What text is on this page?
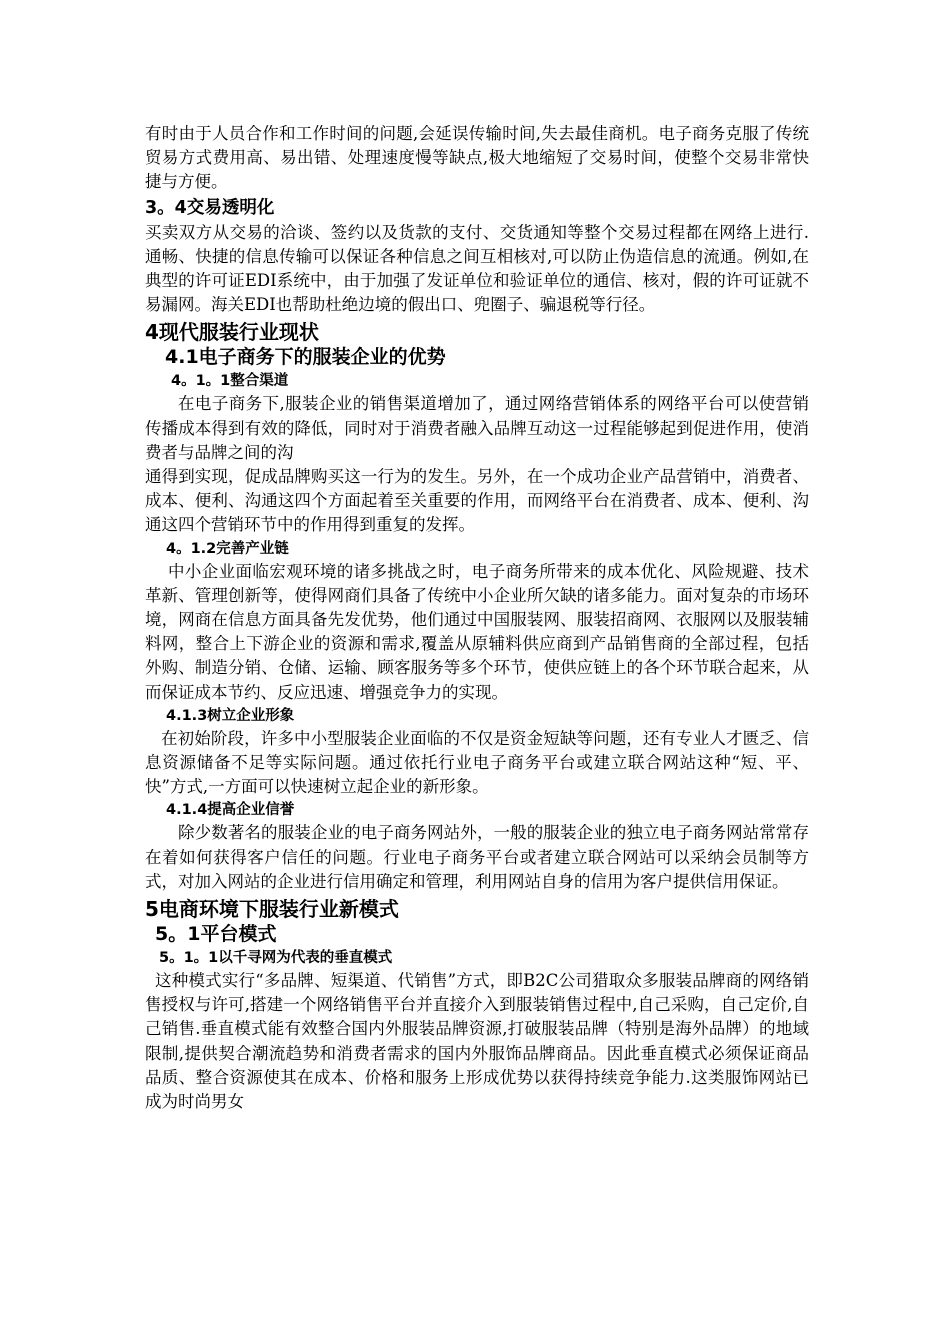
有时由于人员合作和工作时间的问题,会延误传输时间,失去最佳商机。电子商务克服了传统贸易方式费用高、易出错、处理速度慢等缺点,极大地缩短了交易时间，使整个交易非常快捷与方便。

3。4交易透明化

买卖双方从交易的洽谈、签约以及货款的支付、交货通知等整个交易过程都在网络上进行.通畅、快捷的信息传输可以保证各种信息之间互相核对,可以防止伪造信息的流通。例如,在典型的许可证EDI系统中，由于加强了发证单位和验证单位的通信、核对，假的许可证就不易漏网。海关EDI也帮助杜绝边境的假出口、兜圈子、骗退税等行径。

4现代服装行业现状

4.1电子商务下的服装企业的优势

4。1。1整合渠道

在电子商务下,服装企业的销售渠道增加了，通过网络营销体系的网络平台可以使营销传播成本得到有效的降低，同时对于消费者融入品牌互动这一过程能够起到促进作用，使消费者与品牌之间的沟

通得到实现，促成品牌购买这一行为的发生。另外，在一个成功企业产品营销中，消费者、成本、便利、沟通这四个方面起着至关重要的作用，而网络平台在消费者、成本、便利、沟通这四个营销环节中的作用得到重复的发挥。

4。1.2完善产业链

中小企业面临宏观环境的诸多挑战之时，电子商务所带来的成本优化、风险规避、技术革新、管理创新等，使得网商们具备了传统中小企业所欠缺的诸多能力。面对复杂的市场环境，网商在信息方面具备先发优势，他们通过中国服装网、服装招商网、衣服网以及服装辅料网，整合上下游企业的资源和需求,覆盖从原辅料供应商到产品销售商的全部过程，包括外购、制造分销、仓储、运输、顾客服务等多个环节，使供应链上的各个环节联合起来，从而保证成本节约、反应迅速、增强竞争力的实现。

4.1.3树立企业形象

在初始阶段，许多中小型服装企业面临的不仅是资金短缺等问题，还有专业人才匮乏、信息资源储备不足等实际问题。通过依托行业电子商务平台或建立联合网站这种“短、平、快”方式,一方面可以快速树立起企业的新形象。

4.1.4提高企业信誉

除少数著名的服装企业的电子商务网站外，一般的服装企业的独立电子商务网站常常存在着如何获得客户信任的问题。行业电子商务平台或者建立联合网站可以采纳会员制等方式，对加入网站的企业进行信用确定和管理，利用网站自身的信用为客户提供信用保证。

5电商环境下服装行业新模式

5。1平台模式

5。1。1以千寻网为代表的垂直模式

这种模式实行“多品牌、短渠道、代销售”方式，即B2C公司猎取众多服装品牌商的网络销售授权与许可,搭建一个网络销售平台并直接介入到服装销售过程中,自己采购，自己定价,自己销售.垂直模式能有效整合国内外服装品牌资源,打破服装品牌（特别是海外品牌）的地域限制,提供契合潮流趋势和消费者需求的国内外服饰品牌商品。因此垂直模式必须保证商品品质、整合资源使其在成本、价格和服务上形成优势以获得持续竞争能力.这类服饰网站已成为时尚男女
